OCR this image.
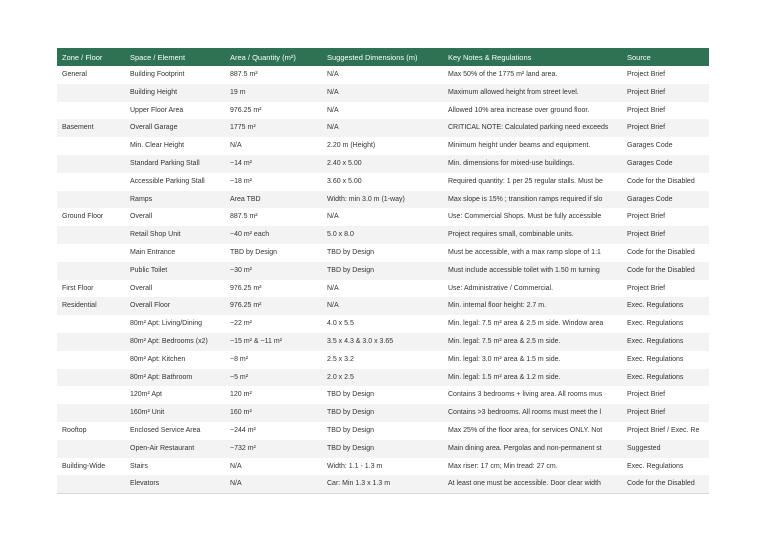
Zone / Floor	Space / Element	Area / Quantity (m²)	Suggested Dimensions (m)	Key Notes & Regulations	Source
General	Building Footprint	887.5 m²	N/A	Max 50% of the 1775 m² land area.	Project Brief
	Building Height	19 m	N/A	Maximum allowed height from street level.	Project Brief
	Upper Floor Area	976.25 m²	N/A	Allowed 10% area increase over ground floor.	Project Brief
Basement	Overall Garage	1775 m²	N/A	CRITICAL NOTE: Calculated parking need exceeds	Project Brief
	Min. Clear Height	N/A	2.20 m (Height)	Minimum height under beams and equipment.	Garages Code
	Standard Parking Stall	~14 m²	2.40 x 5.00	Min. dimensions for mixed-use buildings.	Garages Code
	Accessible Parking Stall	~18 m²	3.60 x 5.00	Required quantity: 1 per 25 regular stalls. Must be	Code for the Disabled
	Ramps	Area TBD	Width: min 3.0 m (1-way)	Max slope is 15% ; transition ramps required if slo	Garages Code
Ground Floor	Overall	887.5 m²	N/A	Use: Commercial Shops. Must be fully accessible	Project Brief
	Retail Shop Unit	~40 m² each	5.0 x 8.0	Project requires small, combinable units.	Project Brief
	Main Entrance	TBD by Design	TBD by Design	Must be accessible, with a max ramp slope of 1:1	Code for the Disabled
	Public Toilet	~30 m²	TBD by Design	Must include accessible toilet with 1.50 m turning	Code for the Disabled
First Floor	Overall	976.25 m²	N/A	Use: Administrative / Commercial.	Project Brief
Residential	Overall Floor	976.25 m²	N/A	Min. internal floor height: 2.7 m.	Exec. Regulations
	80m² Apt: Living/Dining	~22 m²	4.0 x 5.5	Min. legal: 7.5 m² area & 2.5 m side. Window area	Exec. Regulations
	80m² Apt: Bedrooms (x2)	~15 m² & ~11 m²	3.5 x 4.3 & 3.0 x 3.65	Min. legal: 7.5 m² area & 2.5 m side.	Exec. Regulations
	80m² Apt: Kitchen	~8 m²	2.5 x 3.2	Min. legal: 3.0 m² area & 1.5 m side.	Exec. Regulations
	80m² Apt: Bathroom	~5 m²	2.0 x 2.5	Min. legal: 1.5 m² area & 1.2 m side.	Exec. Regulations
	120m² Apt	120 m²	TBD by Design	Contains 3 bedrooms + living area. All rooms mus	Project Brief
	160m² Unit	160 m²	TBD by Design	Contains >3 bedrooms. All rooms must meet the l	Project Brief
Rooftop	Enclosed Service Area	~244 m²	TBD by Design	Max 25% of the floor area, for services ONLY. Not	Project Brief / Exec. Re
	Open-Air Restaurant	~732 m²	TBD by Design	Main dining area. Pergolas and non-permanent st	Suggested
Building-Wide	Stairs	N/A	Width: 1.1 - 1.3 m	Max riser: 17 cm; Min tread: 27 cm.	Exec. Regulations
	Elevators	N/A	Car: Min 1.3 x 1.3 m	At least one must be accessible. Door clear width	Code for the Disabled
